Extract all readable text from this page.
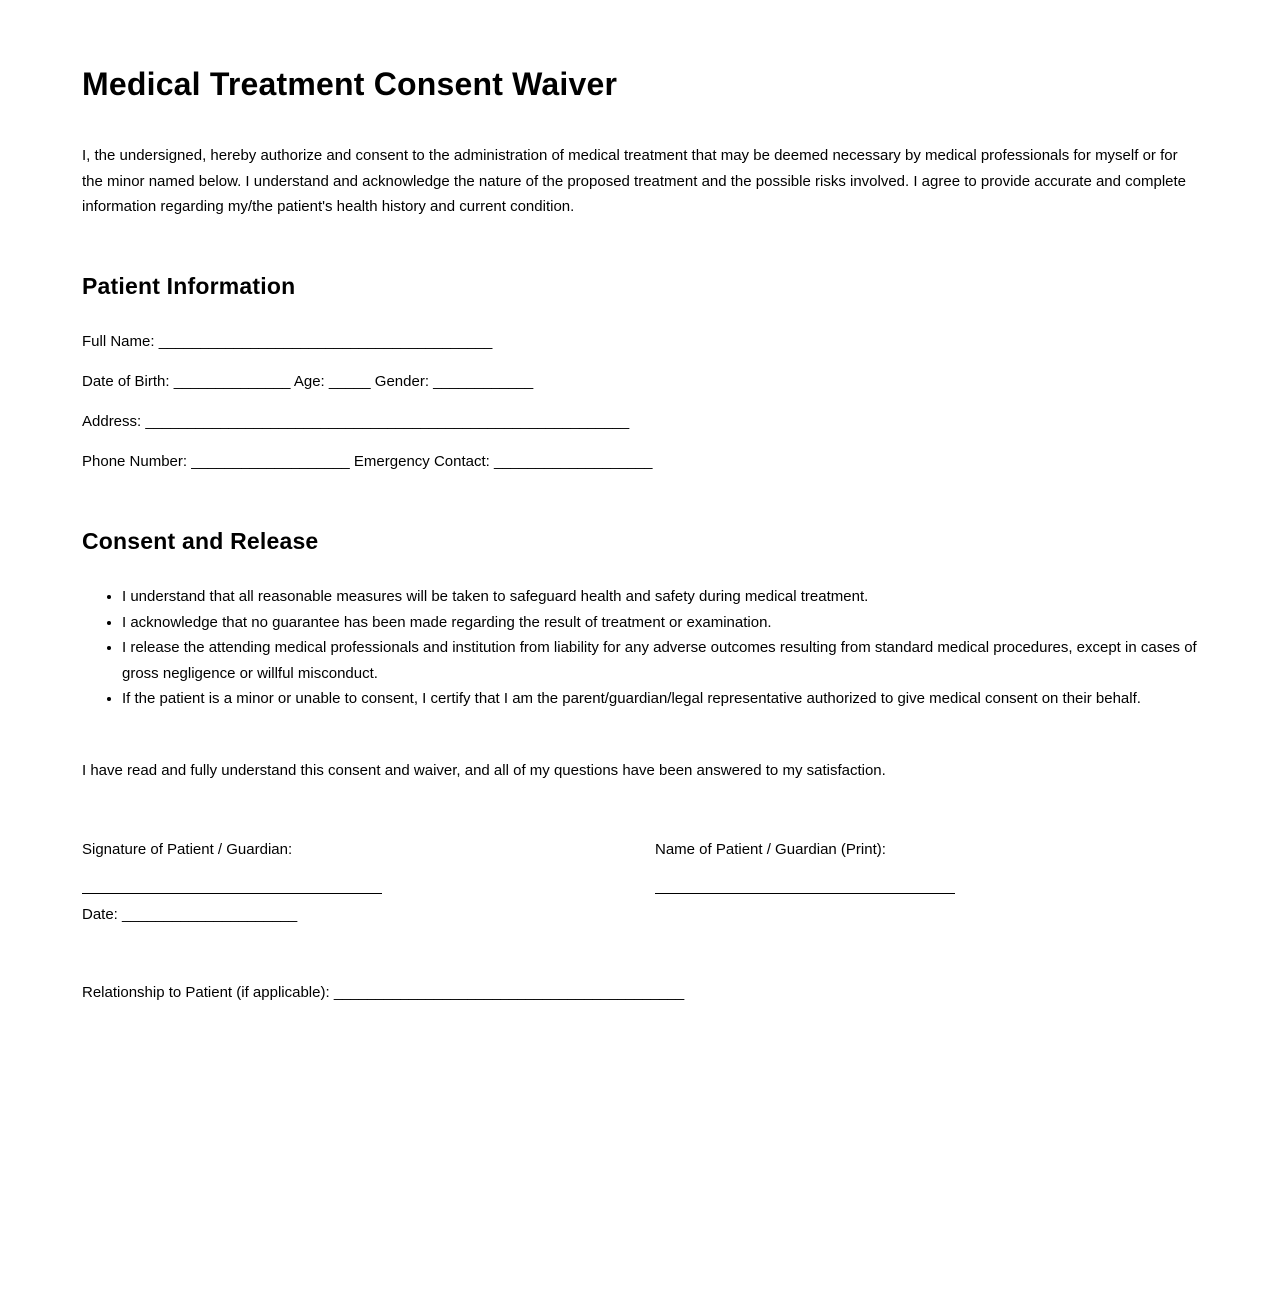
Medical Treatment Consent Waiver

I, the undersigned, hereby authorize and consent to the administration of medical treatment that may be deemed necessary by medical professionals for myself or for the minor named below. I understand and acknowledge the nature of the proposed treatment and the possible risks involved. I agree to provide accurate and complete information regarding my/the patient's health history and current condition.

Patient Information
Full Name: ________________________________________
Date of Birth: ______________ Age: _____ Gender: ____________
Address: __________________________________________________________
Phone Number: ___________________ Emergency Contact: ___________________
Consent and Release
• I understand that all reasonable measures will be taken to safeguard health and safety during medical treatment.
• I acknowledge that no guarantee has been made regarding the result of treatment or examination.
• I release the attending medical professionals and institution from liability for any adverse outcomes resulting from standard medical procedures, except in cases of gross negligence or willful misconduct.
• If the patient is a minor or unable to consent, I certify that I am the parent/guardian/legal representative authorized to give medical consent on their behalf.

I have read and fully understand this consent and waiver, and all of my questions have been answered to my satisfaction.

Signature of Patient / Guardian:	Name of Patient / Guardian (Print):
Date: _____________________
Relationship to Patient (if applicable): __________________________________________
